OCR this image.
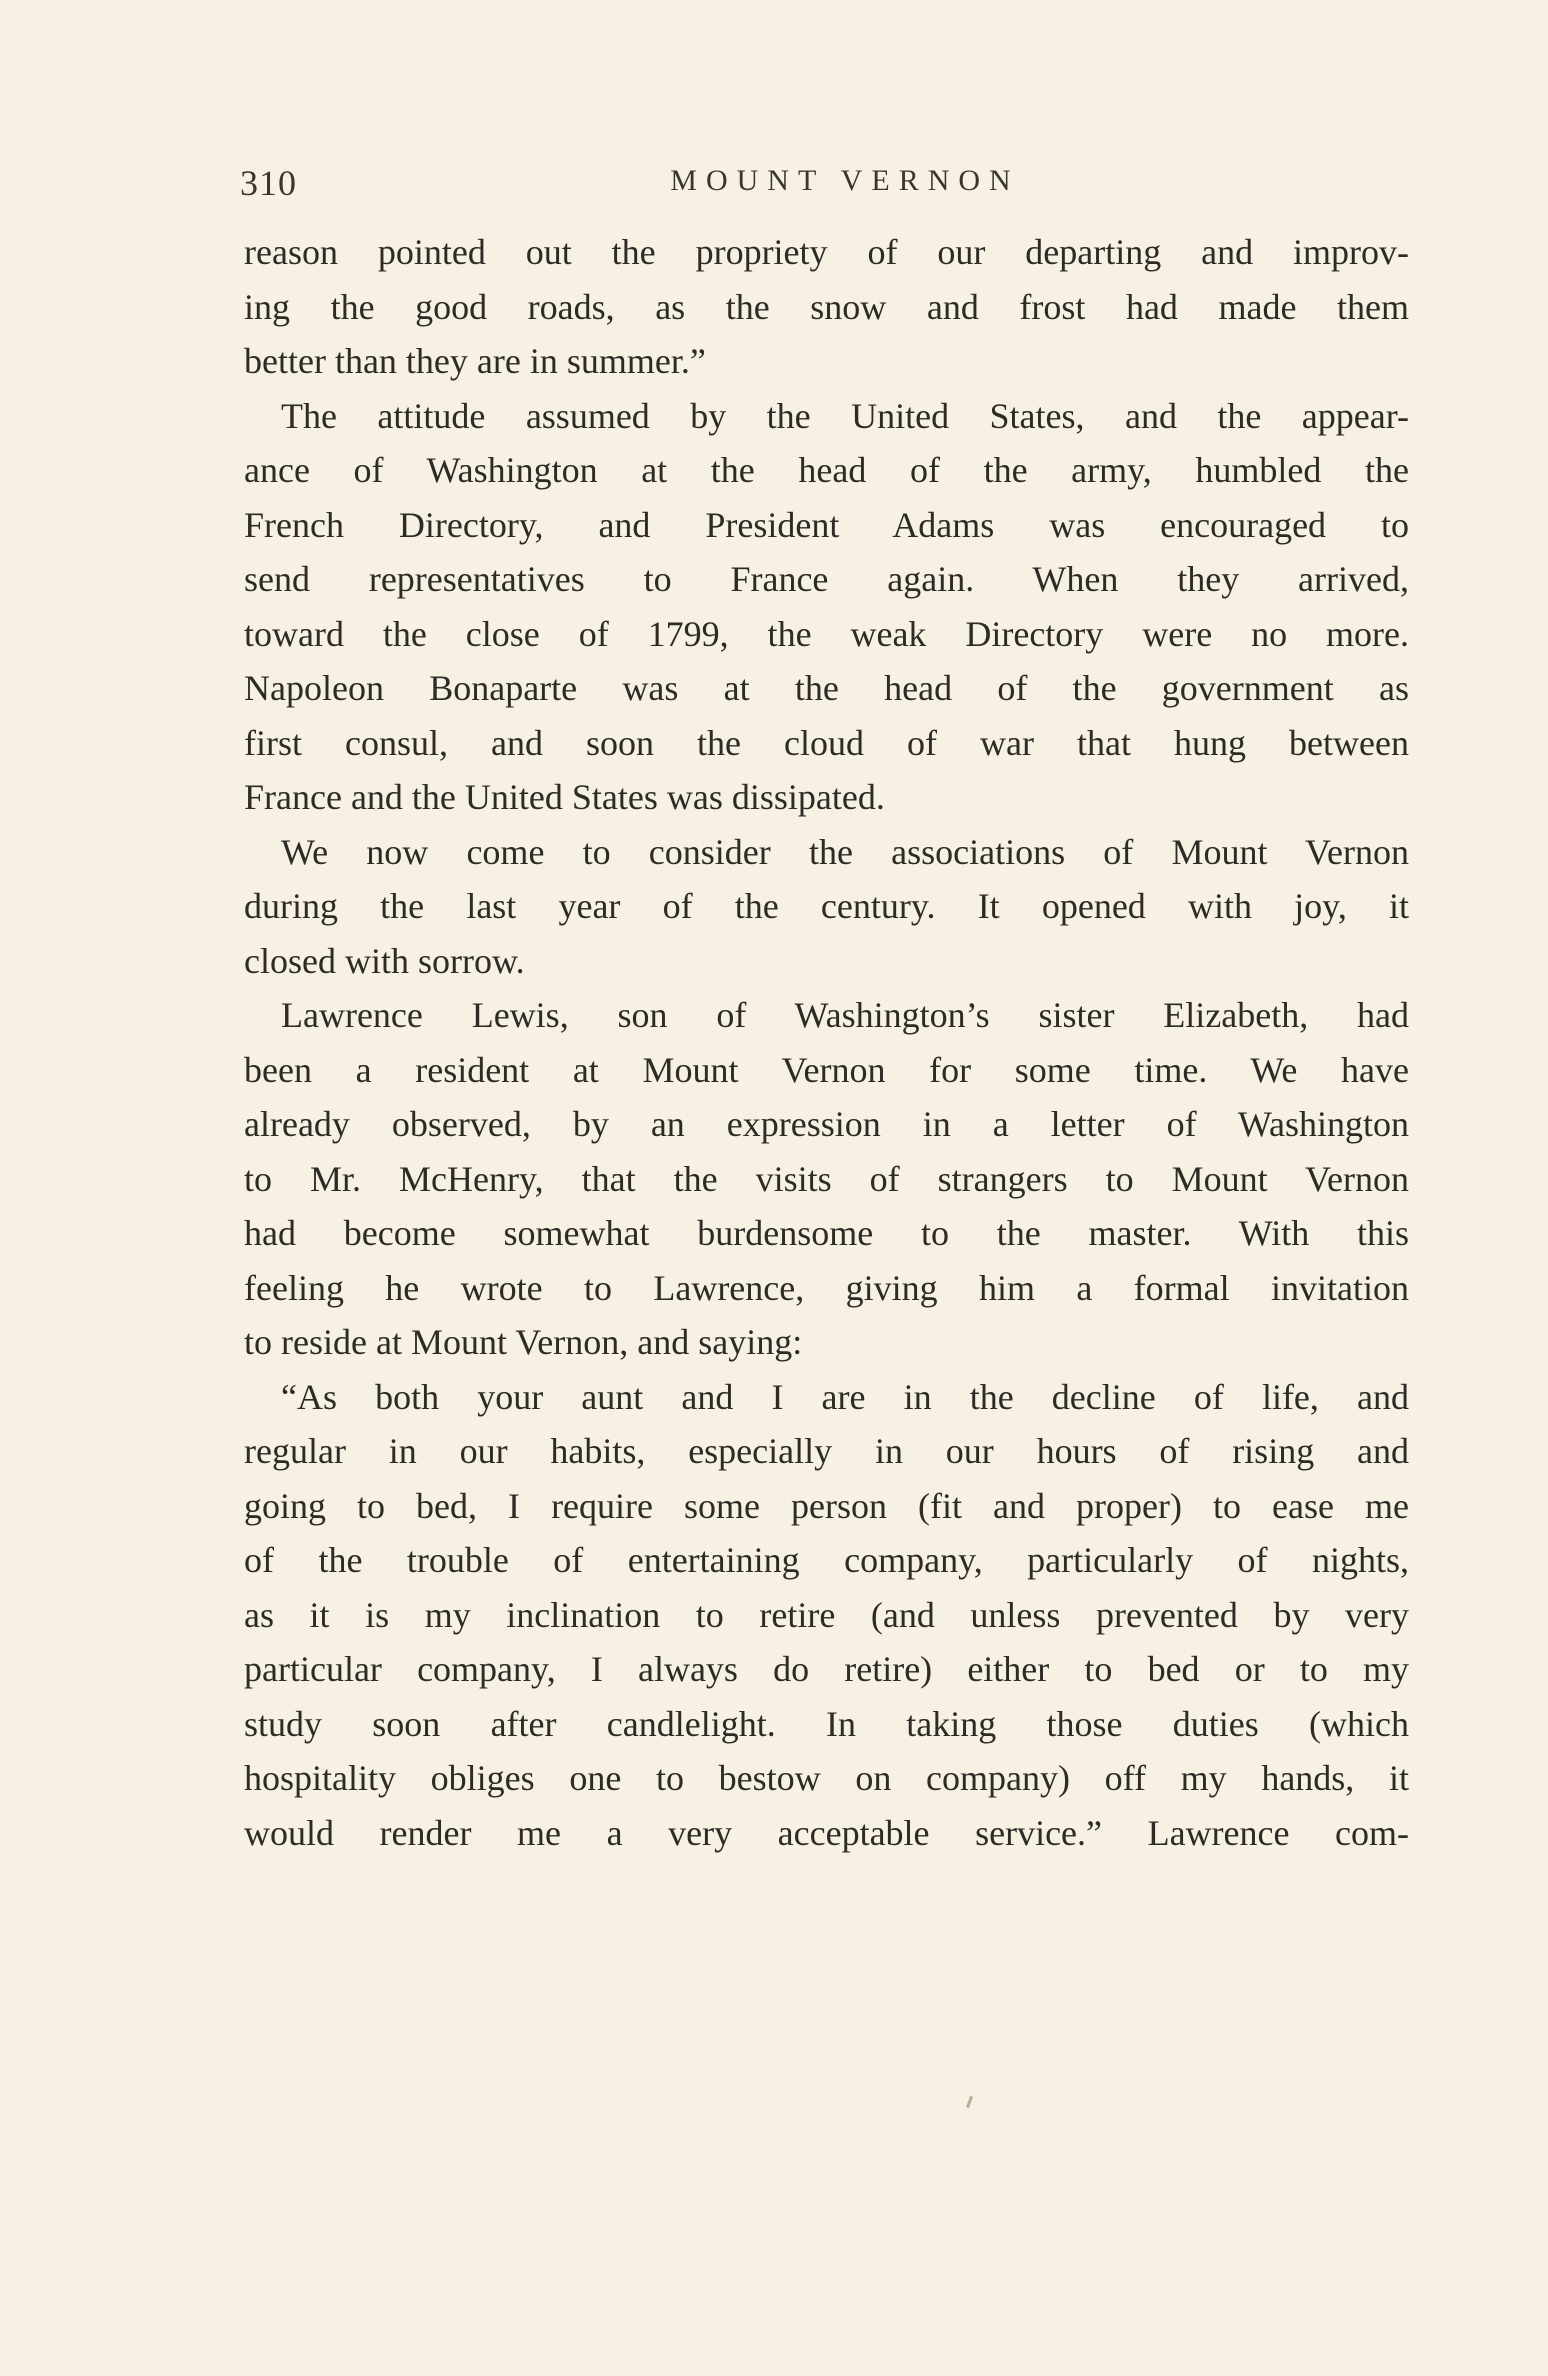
310	MOUNT VERNON
reason pointed out the propriety of our departing and improv-
ing the good roads, as the snow and frost had made them
better than they are in summer.”
The attitude assumed by the United States, and the appear-
ance of Washington at the head of the army, humbled the
French Directory, and President Adams was encouraged to
send representatives to France again. When they arrived,
toward the close of 1799, the weak Directory were no more.
Napoleon Bonaparte was at the head of the government as
first consul, and soon the cloud of war that hung between
France and the United States was dissipated.
We now come to consider the associations of Mount Vernon
during the last year of the century. It opened with joy, it
closed with sorrow.
Lawrence Lewis, son of Washington’s sister Elizabeth, had
been a resident at Mount Vernon for some time. We have
already observed, by an expression in a letter of Washington
to Mr. McHenry, that the visits of strangers to Mount Vernon
had become somewhat burdensome to the master. With this
feeling he wrote to Lawrence, giving him a formal invitation
to reside at Mount Vernon, and saying:
“As both your aunt and I are in the decline of life, and
regular in our habits, especially in our hours of rising and
going to bed, I require some person (fit and proper) to ease me
of the trouble of entertaining company, particularly of nights,
as it is my inclination to retire (and unless prevented by very
particular company, I always do retire) either to bed or to my
study soon after candlelight. In taking those duties (which
hospitality obliges one to bestow on company) off my hands, it
would render me a very acceptable service.” Lawrence com-
